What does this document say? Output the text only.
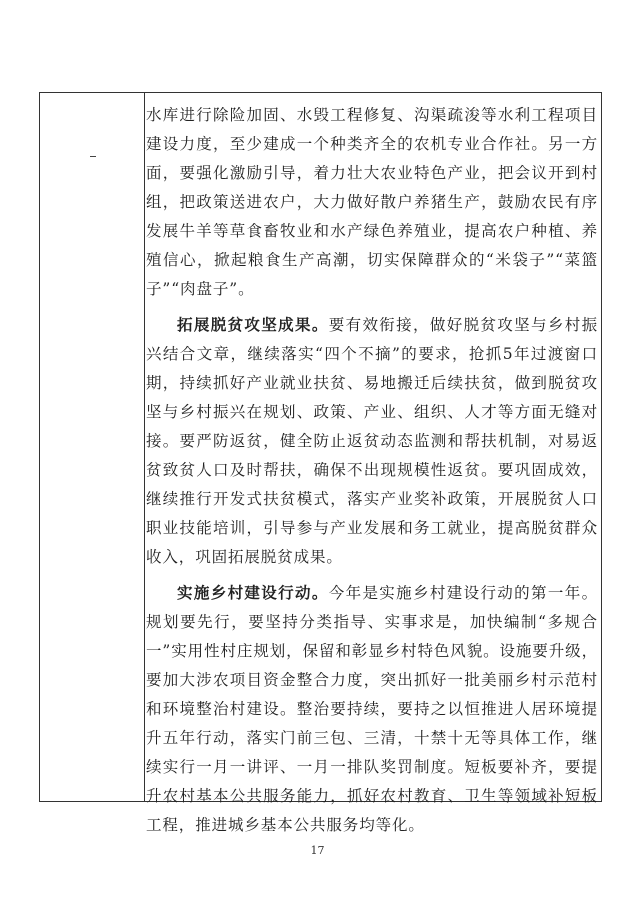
水库进行除险加固、水毁工程修复、沟渠疏浚等水利工程项目建设力度，至少建成一个种类齐全的农机专业合作社。另一方面，要强化激励引导，着力壮大农业特色产业，把会议开到村组，把政策送进农户，大力做好散户养猪生产，鼓励农民有序发展牛羊等草食畜牧业和水产绿色养殖业，提高农户种植、养殖信心，掀起粮食生产高潮，切实保障群众的“米袋子”“菜篮子”“肉盘子”。

拓展脱贫攻坚成果。要有效衔接，做好脱贫攻坚与乡村振兴结合文章，继续落实“四个不摘”的要求，抢抓5年过渡窗口 期，持续抓好产业就业扶贫、易地搬迁后续扶贫，做到脱贫攻 坚与乡村振兴在规划、政策、产业、组织、人才等方面无缝对 接。要严防返贫，健全防止返贫动态监测和帮扶机制，对易返贫致贫人口及时帮扶，确保不出现规模性返贫。要巩固成效，继续推行开发式扶贫模式，落实产业奖补政策，开展脱贫人口职业技能培训，引导参与产业发展和务工就业，提高脱贫群众收入，巩固拓展脱贫成果。

实施乡村建设行动。今年是实施乡村建设行动的第一年。规划要先行，要坚持分类指导、实事求是，加快编制“多规合一”实用性村庄规划，保留和彰显乡村特色风貌。设施要升级，要加大涉农项目资金整合力度，突出抓好一批美丽乡村示范村和环境整治村建设。整治要持续，要持之以恒推进人居环境提升五年行动，落实门前三包、三清，十禁十无等具体工作，继续实行一月一讲评、一月一排队奖罚制度。短板要补齐，要提升农村基本公共服务能力，抓好农村教育、卫生等领域补短板工程，推进城乡基本公共服务均等化。

17
